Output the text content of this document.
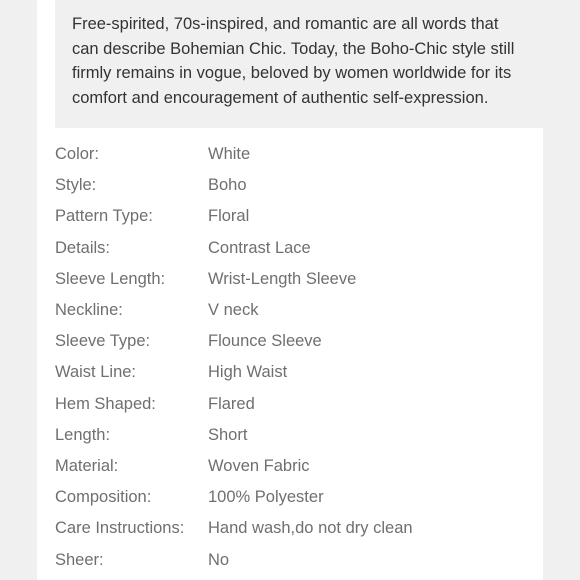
Free-spirited, 70s-inspired, and romantic are all words that can describe Bohemian Chic. Today, the Boho-Chic style still firmly remains in vogue, beloved by women worldwide for its comfort and encouragement of authentic self-expression.

Color:	White
Style:	Boho
Pattern Type:	Floral
Details:	Contrast Lace
Sleeve Length:	Wrist-Length Sleeve
Neckline:	V neck
Sleeve Type:	Flounce Sleeve
Waist Line:	High Waist
Hem Shaped:	Flared
Length:	Short
Material:	Woven Fabric
Composition:	100% Polyester
Care Instructions:	Hand wash,do not dry clean
Sheer:	No
